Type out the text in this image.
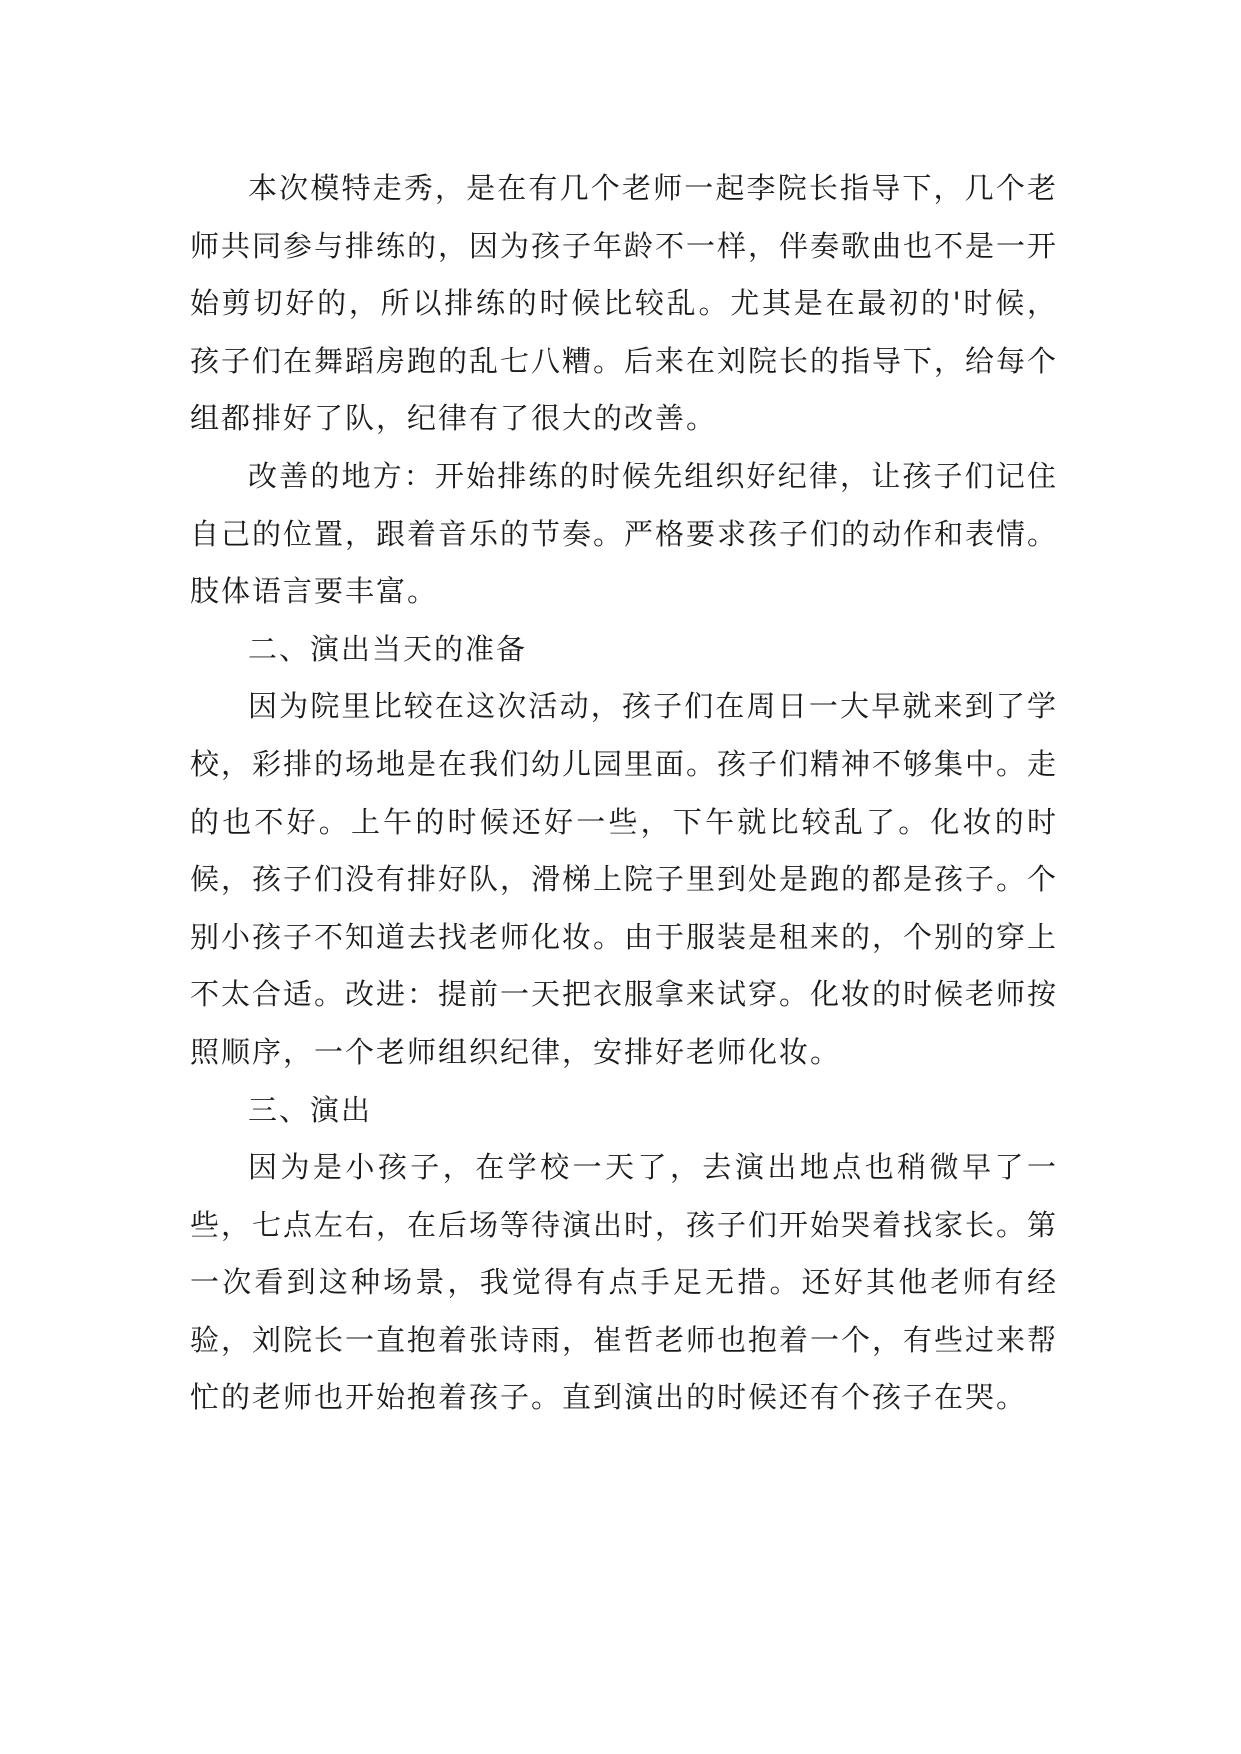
本次模特走秀，是在有几个老师一起李院长指导下，几个老师共同参与排练的，因为孩子年龄不一样，伴奏歌曲也不是一开始剪切好的，所以排练的时候比较乱。尤其是在最初的'时候，孩子们在舞蹈房跑的乱七八糟。后来在刘院长的指导下，给每个组都排好了队，纪律有了很大的改善。

改善的地方：开始排练的时候先组织好纪律，让孩子们记住自己的位置，跟着音乐的节奏。严格要求孩子们的动作和表情。肢体语言要丰富。

二、演出当天的准备

因为院里比较在这次活动，孩子们在周日一大早就来到了学校，彩排的场地是在我们幼儿园里面。孩子们精神不够集中。走的也不好。上午的时候还好一些，下午就比较乱了。化妆的时候，孩子们没有排好队，滑梯上院子里到处是跑的都是孩子。个别小孩子不知道去找老师化妆。由于服装是租来的，个别的穿上不太合适。改进：提前一天把衣服拿来试穿。化妆的时候老师按照顺序，一个老师组织纪律，安排好老师化妆。

三、演出

因为是小孩子，在学校一天了，去演出地点也稍微早了一些，七点左右，在后场等待演出时，孩子们开始哭着找家长。第一次看到这种场景，我觉得有点手足无措。还好其他老师有经验，刘院长一直抱着张诗雨，崔哲老师也抱着一个，有些过来帮忙的老师也开始抱着孩子。直到演出的时候还有个孩子在哭。
